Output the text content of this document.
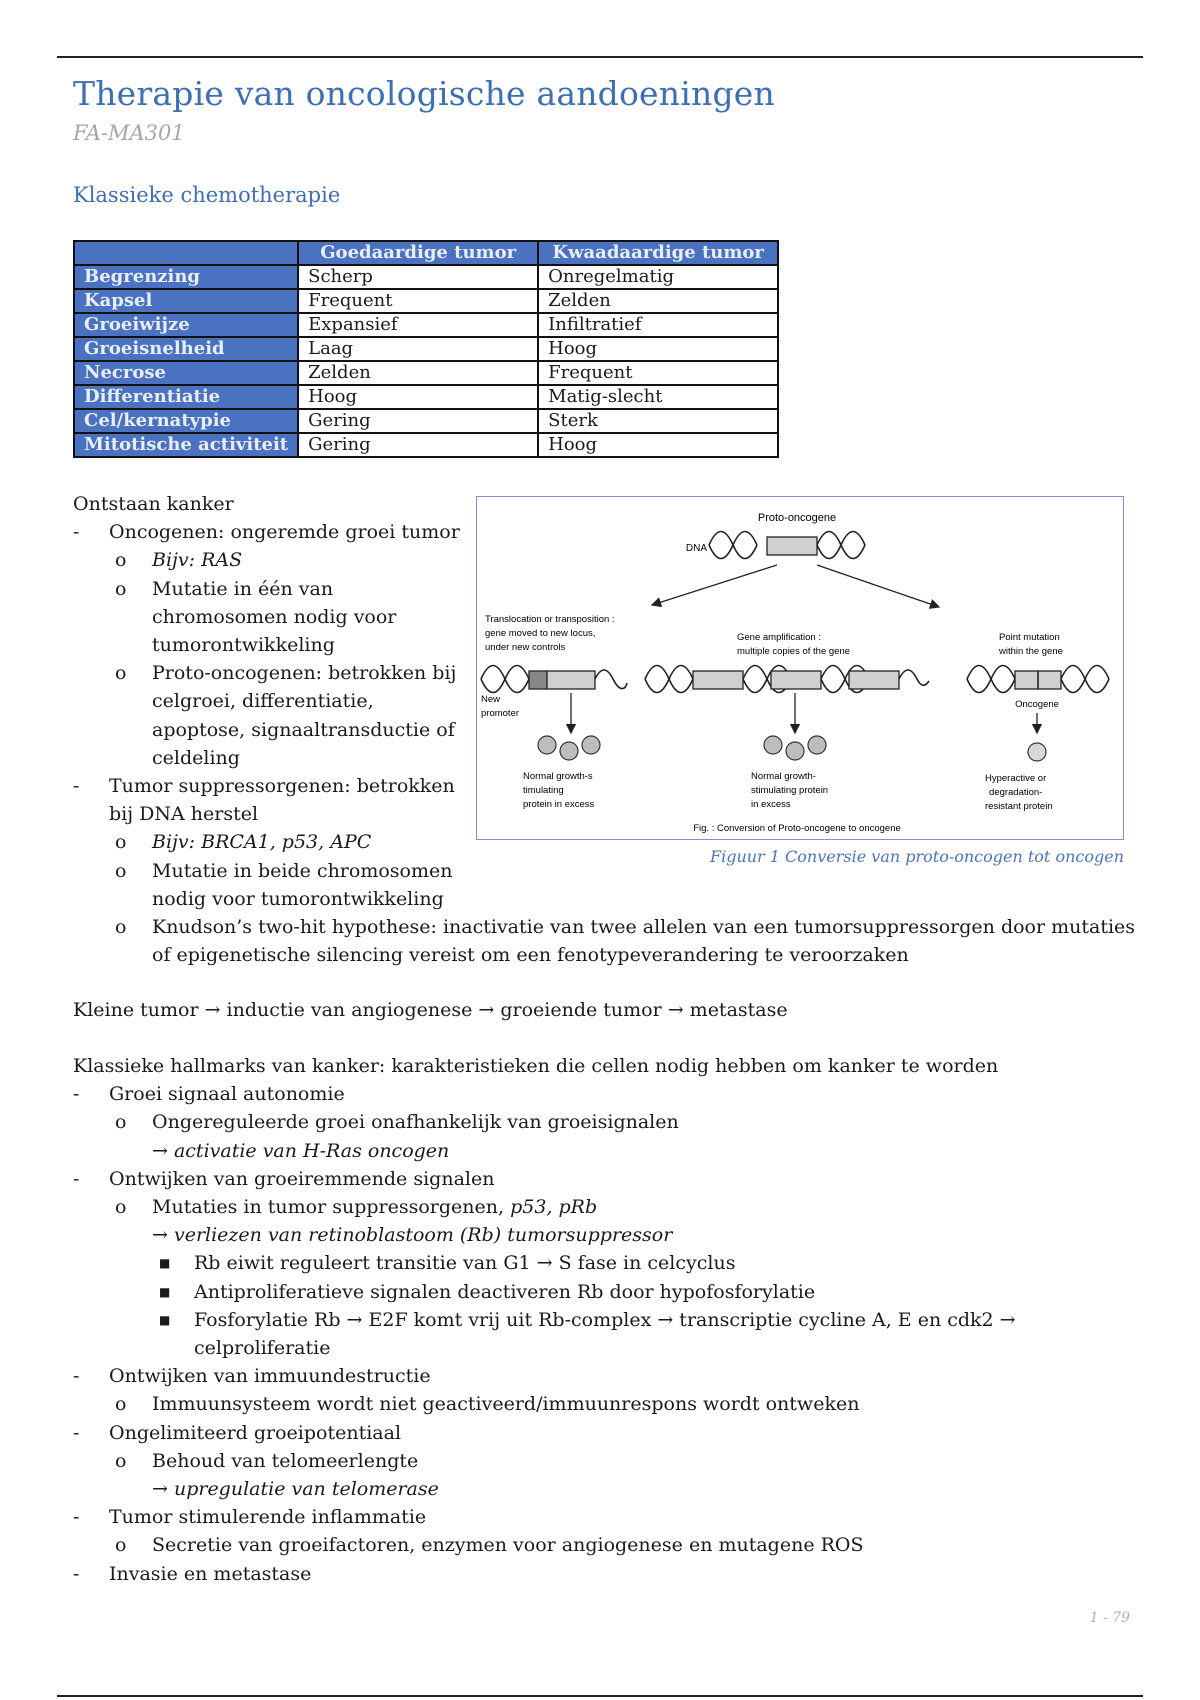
Therapie van oncologische aandoeningen
FA-MA301
Klassieke chemotherapie
	Goedaardige tumor	Kwaadaardige tumor
Begrenzing	Scherp	Onregelmatig
Kapsel	Frequent	Zelden
Groeiwijze	Expansief	Infiltratief
Groeisnelheid	Laag	Hoog
Necrose	Zelden	Frequent
Differentiatie	Hoog	Matig-slecht
Cel/kernatypie	Gering	Sterk
Mitotische activiteit	Gering	Hoog

Ontstaan kanker

- Oncogenen: ongeremde groei tumor

o Bijv: RAS

o Mutatie in één van

chromosomen nodig voor

tumorontwikkeling

o Proto-oncogenen: betrokken bij

celgroei, differentiatie,

apoptose, signaaltransductie of

celdeling

- Tumor suppressorgenen: betrokken

bij DNA herstel

o Bijv: BRCA1, p53, APC

o Mutatie in beide chromosomen

nodig voor tumorontwikkeling

o Knudson’s two-hit hypothese: inactivatie van twee allelen van een tumorsuppressorgen door mutaties

of epigenetische silencing vereist om een fenotypeverandering te veroorzaken

Proto-oncogene
DNA
Translocation or transposition : gene moved to new locus, under new controls
Gene amplification : multiple copies of the gene
Point mutation within the gene
New promoter
Oncogene
Normal growth-s timulating protein in excess
Normal growth- stimulating protein in excess
Hyperactive or degradation- resistant protein
Fig. : Conversion of Proto-oncogene to oncogene
Figuur 1 Conversie van proto-oncogen tot oncogen

Kleine tumor → inductie van angiogenese → groeiende tumor → metastase

Klassieke hallmarks van kanker: karakteristieken die cellen nodig hebben om kanker te worden

- Groei signaal autonomie

o Ongereguleerde groei onafhankelijk van groeisignalen

→ activatie van H-Ras oncogen

- Ontwijken van groeiremmende signalen

o Mutaties in tumor suppressorgenen, p53, pRb

→ verliezen van retinoblastoom (Rb) tumorsuppressor

■ Rb eiwit reguleert transitie van G1 → S fase in celcyclus

■ Antiproliferatieve signalen deactiveren Rb door hypofosforylatie

■ Fosforylatie Rb → E2F komt vrij uit Rb-complex → transcriptie cycline A, E en cdk2 →

celproliferatie

- Ontwijken van immuundestructie

o Immuunsysteem wordt niet geactiveerd/immuunrespons wordt ontweken

- Ongelimiteerd groeipotentiaal

o Behoud van telomeerlengte

→ upregulatie van telomerase

- Tumor stimulerende inflammatie

o Secretie van groeifactoren, enzymen voor angiogenese en mutagene ROS

- Invasie en metastase

1 - 79
